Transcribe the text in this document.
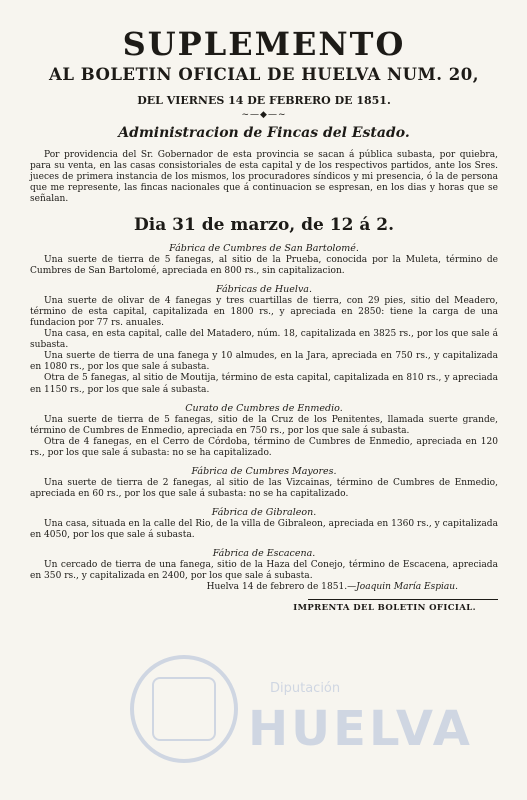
Diputación
HUELVA
SUPLEMENTO
AL BOLETIN OFICIAL DE HUELVA NUM. 20,
DEL VIERNES 14 DE FEBRERO DE 1851.
~—◆—~
Administracion de Fincas del Estado.

Por providencia del Sr. Gobernador de esta provincia se sacan á pública subasta, por quiebra, para su venta, en las casas consistoriales de esta capital y de los respectivos partidos, ante los Sres. jueces de primera instancia de los mismos, los procuradores síndicos y mi presencia, ó la de persona que me represente, las fincas nacionales que á continuacion se espresan, en los dias y horas que se señalan.

Dia 31 de marzo, de 12 á 2.
Fábrica de Cumbres de San Bartolomé.

Una suerte de tierra de 5 fanegas, al sitio de la Prueba, conocida por la Muleta, término de Cumbres de San Bartolomé, apreciada en 800 rs., sin capitalizacion.

Fábricas de Huelva.

Una suerte de olivar de 4 fanegas y tres cuartillas de tierra, con 29 pies, sitio del Meadero, término de esta capital, capitalizada en 1800 rs., y apreciada en 2850: tiene la carga de una fundacion por 77 rs. anuales.

Una casa, en esta capital, calle del Matadero, núm. 18, capitalizada en 3825 rs., por los que sale á subasta.

Una suerte de tierra de una fanega y 10 almudes, en la Jara, apreciada en 750 rs., y capitalizada en 1080 rs., por los que sale á subasta.

Otra de 5 fanegas, al sitio de Moutija, término de esta capital, capitalizada en 810 rs., y apreciada en 1150 rs., por los que sale á subasta.

Curato de Cumbres de Enmedio.

Una suerte de tierra de 5 fanegas, sitio de la Cruz de los Penitentes, llamada suerte grande, término de Cumbres de Enmedio, apreciada en 750 rs., por los que sale á subasta.

Otra de 4 fanegas, en el Cerro de Córdoba, término de Cumbres de Enmedio, apreciada en 120 rs., por los que sale á subasta: no se ha capitalizado.

Fábrica de Cumbres Mayores.

Una suerte de tierra de 2 fanegas, al sitio de las Vizcainas, término de Cumbres de Enmedio, apreciada en 60 rs., por los que sale á subasta: no se ha capitalizado.

Fábrica de Gibraleon.

Una casa, situada en la calle del Rio, de la villa de Gibraleon, apreciada en 1360 rs., y capitalizada en 4050, por los que sale á subasta.

Fábrica de Escacena.

Un cercado de tierra de una fanega, sitio de la Haza del Conejo, término de Escacena, apreciada en 350 rs., y capitalizada en 2400, por los que sale á subasta.

Huelva 14 de febrero de 1851.—Joaquin María Espiau.
IMPRENTA DEL BOLETIN OFICIAL.
